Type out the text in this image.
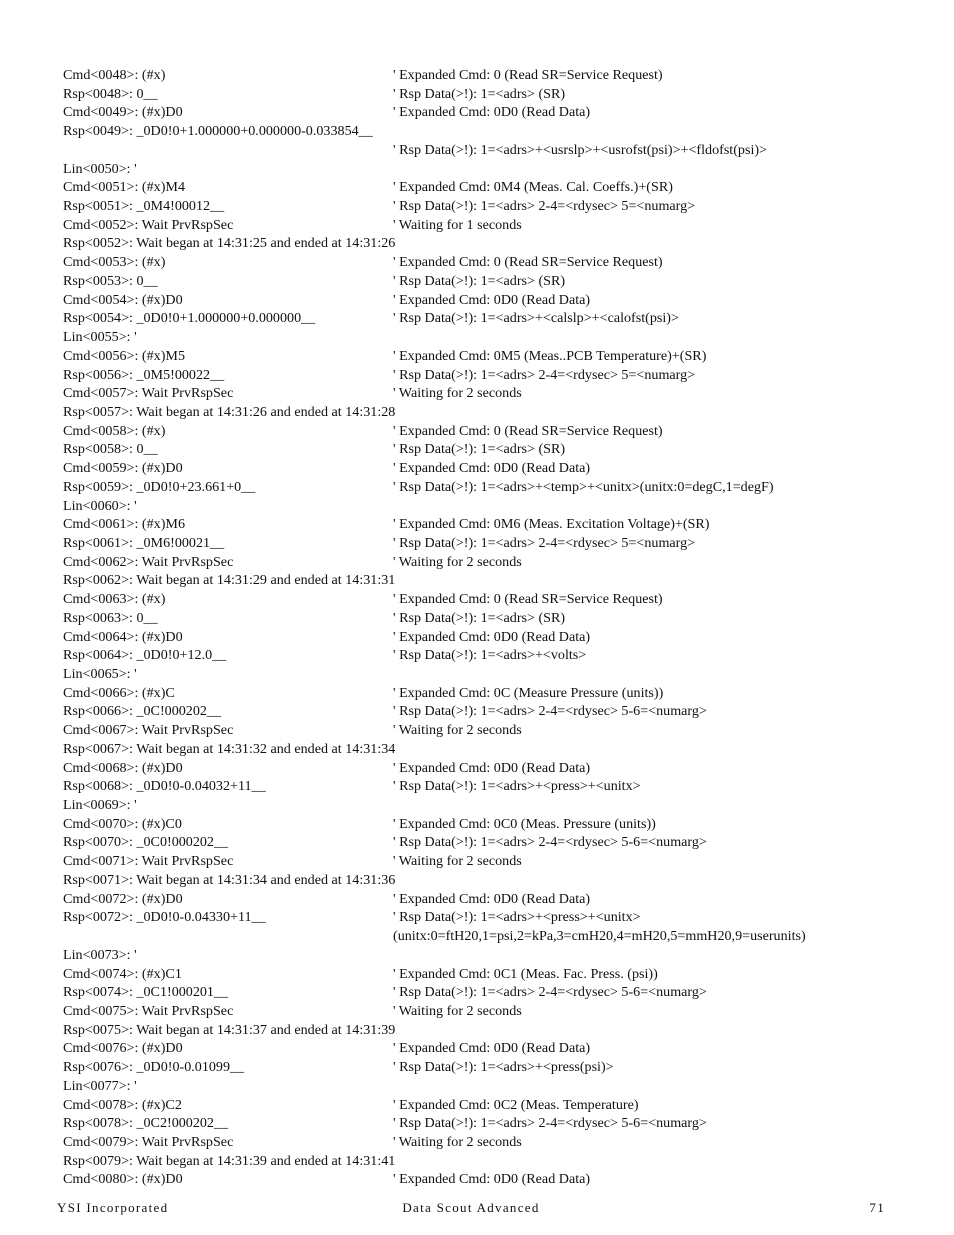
Cmd<0048>: (#x)	' Expanded Cmd: 0 (Read SR=Service Request)
Rsp<0048>: 0__	' Rsp Data(>!): 1=<adrs> (SR)
Cmd<0049>: (#x)D0	' Expanded Cmd: 0D0 (Read Data)
Rsp<0049>: _0D0!0+1.000000+0.000000-0.033854__
' Rsp Data(>!): 1=<adrs>+<usrslp>+<usrofst(psi)>+<fldofst(psi)>
Lin<0050>: '
Cmd<0051>: (#x)M4	' Expanded Cmd: 0M4 (Meas. Cal. Coeffs.)+(SR)
Rsp<0051>: _0M4!00012__	' Rsp Data(>!): 1=<adrs> 2-4=<rdysec> 5=<numarg>
Cmd<0052>: Wait PrvRspSec	' Waiting for 1 seconds
Rsp<0052>: Wait began at 14:31:25 and ended at 14:31:26
Cmd<0053>: (#x)	' Expanded Cmd: 0 (Read SR=Service Request)
Rsp<0053>: 0__	' Rsp Data(>!): 1=<adrs> (SR)
Cmd<0054>: (#x)D0	' Expanded Cmd: 0D0 (Read Data)
Rsp<0054>: _0D0!0+1.000000+0.000000__	' Rsp Data(>!): 1=<adrs>+<calslp>+<calofst(psi)>
Lin<0055>: '
Cmd<0056>: (#x)M5	' Expanded Cmd: 0M5 (Meas..PCB Temperature)+(SR)
Rsp<0056>: _0M5!00022__	' Rsp Data(>!): 1=<adrs> 2-4=<rdysec> 5=<numarg>
Cmd<0057>: Wait PrvRspSec	' Waiting for 2 seconds
Rsp<0057>: Wait began at 14:31:26 and ended at 14:31:28
Cmd<0058>: (#x)	' Expanded Cmd: 0 (Read SR=Service Request)
Rsp<0058>: 0__	' Rsp Data(>!): 1=<adrs> (SR)
Cmd<0059>: (#x)D0	' Expanded Cmd: 0D0 (Read Data)
Rsp<0059>: _0D0!0+23.661+0__	' Rsp Data(>!): 1=<adrs>+<temp>+<unitx>(unitx:0=degC,1=degF)
Lin<0060>: '
Cmd<0061>: (#x)M6	' Expanded Cmd: 0M6 (Meas. Excitation Voltage)+(SR)
Rsp<0061>: _0M6!00021__	' Rsp Data(>!): 1=<adrs> 2-4=<rdysec> 5=<numarg>
Cmd<0062>: Wait PrvRspSec	' Waiting for 2 seconds
Rsp<0062>: Wait began at 14:31:29 and ended at 14:31:31
Cmd<0063>: (#x)	' Expanded Cmd: 0 (Read SR=Service Request)
Rsp<0063>: 0__	' Rsp Data(>!): 1=<adrs> (SR)
Cmd<0064>: (#x)D0	' Expanded Cmd: 0D0 (Read Data)
Rsp<0064>: _0D0!0+12.0__	' Rsp Data(>!): 1=<adrs>+<volts>
Lin<0065>: '
Cmd<0066>: (#x)C	' Expanded Cmd: 0C (Measure Pressure (units))
Rsp<0066>: _0C!000202__	' Rsp Data(>!): 1=<adrs> 2-4=<rdysec> 5-6=<numarg>
Cmd<0067>: Wait PrvRspSec	' Waiting for 2 seconds
Rsp<0067>: Wait began at 14:31:32 and ended at 14:31:34
Cmd<0068>: (#x)D0	' Expanded Cmd: 0D0 (Read Data)
Rsp<0068>: _0D0!0-0.04032+11__	' Rsp Data(>!): 1=<adrs>+<press>+<unitx>
Lin<0069>: '
Cmd<0070>: (#x)C0	' Expanded Cmd: 0C0 (Meas. Pressure (units))
Rsp<0070>: _0C0!000202__	' Rsp Data(>!): 1=<adrs> 2-4=<rdysec> 5-6=<numarg>
Cmd<0071>: Wait PrvRspSec	' Waiting for 2 seconds
Rsp<0071>: Wait began at 14:31:34 and ended at 14:31:36
Cmd<0072>: (#x)D0	' Expanded Cmd: 0D0 (Read Data)
Rsp<0072>: _0D0!0-0.04330+11__	' Rsp Data(>!): 1=<adrs>+<press>+<unitx>
(unitx:0=ftH20,1=psi,2=kPa,3=cmH20,4=mH20,5=mmH20,9=userunits)
Lin<0073>: '
Cmd<0074>: (#x)C1	' Expanded Cmd: 0C1 (Meas. Fac. Press. (psi))
Rsp<0074>: _0C1!000201__	' Rsp Data(>!): 1=<adrs> 2-4=<rdysec> 5-6=<numarg>
Cmd<0075>: Wait PrvRspSec	' Waiting for 2 seconds
Rsp<0075>: Wait began at 14:31:37 and ended at 14:31:39
Cmd<0076>: (#x)D0	' Expanded Cmd: 0D0 (Read Data)
Rsp<0076>: _0D0!0-0.01099__	' Rsp Data(>!): 1=<adrs>+<press(psi)>
Lin<0077>: '
Cmd<0078>: (#x)C2	' Expanded Cmd: 0C2 (Meas. Temperature)
Rsp<0078>: _0C2!000202__	' Rsp Data(>!): 1=<adrs> 2-4=<rdysec> 5-6=<numarg>
Cmd<0079>: Wait PrvRspSec	' Waiting for 2 seconds
Rsp<0079>: Wait began at 14:31:39 and ended at 14:31:41
Cmd<0080>: (#x)D0	' Expanded Cmd: 0D0 (Read Data)
YSI Incorporated	Data Scout Advanced	71
